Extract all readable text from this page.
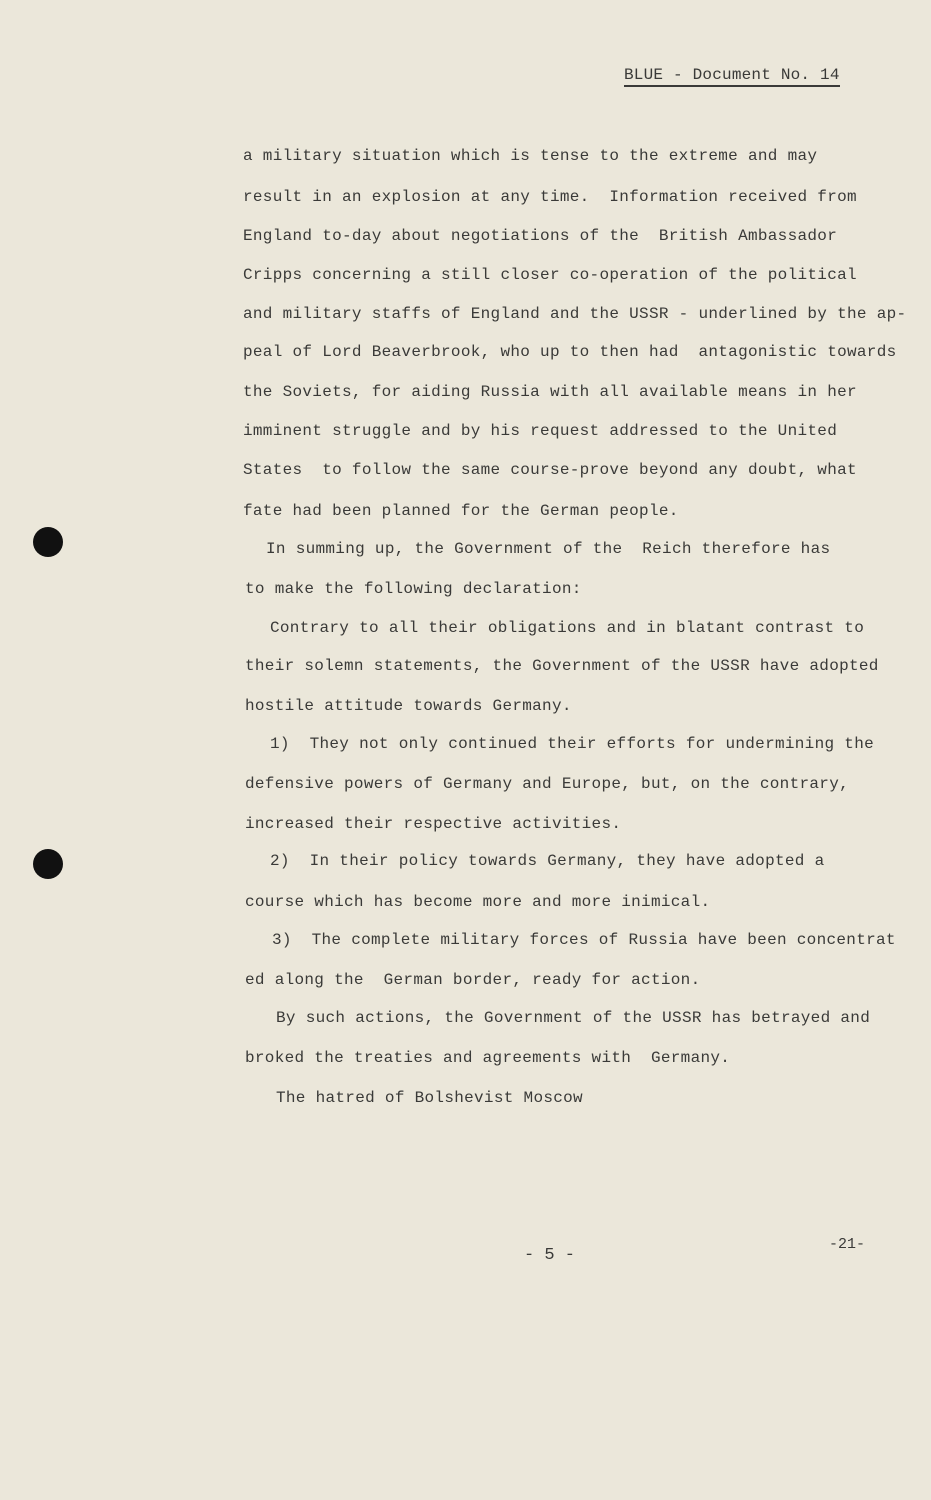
BLUE - Document No. 14
a military situation which is tense to the extreme and may
result in an explosion at any time.  Information received from
England to-day about negotiations of the  British Ambassador
Cripps concerning a still closer co-operation of the political
and military staffs of England and the USSR - underlined by the ap-
peal of Lord Beaverbrook, who up to then had  antagonistic towards
the Soviets, for aiding Russia with all available means in her
imminent struggle and by his request addressed to the United
States  to follow the same course-prove beyond any doubt, what
fate had been planned for the German people.
In summing up, the Government of the  Reich therefore has
to make the following declaration:
Contrary to all their obligations and in blatant contrast to
their solemn statements, the Government of the USSR have adopted
hostile attitude towards Germany.
1)  They not only continued their efforts for undermining the
defensive powers of Germany and Europe, but, on the contrary,
increased their respective activities.
2)  In their policy towards Germany, they have adopted a
course which has become more and more inimical.
3)  The complete military forces of Russia have been concentrat
ed along the  German border, ready for action.
By such actions, the Government of the USSR has betrayed and
broked the treaties and agreements with  Germany.
The hatred of Bolshevist Moscow
- 5 -
-21-
